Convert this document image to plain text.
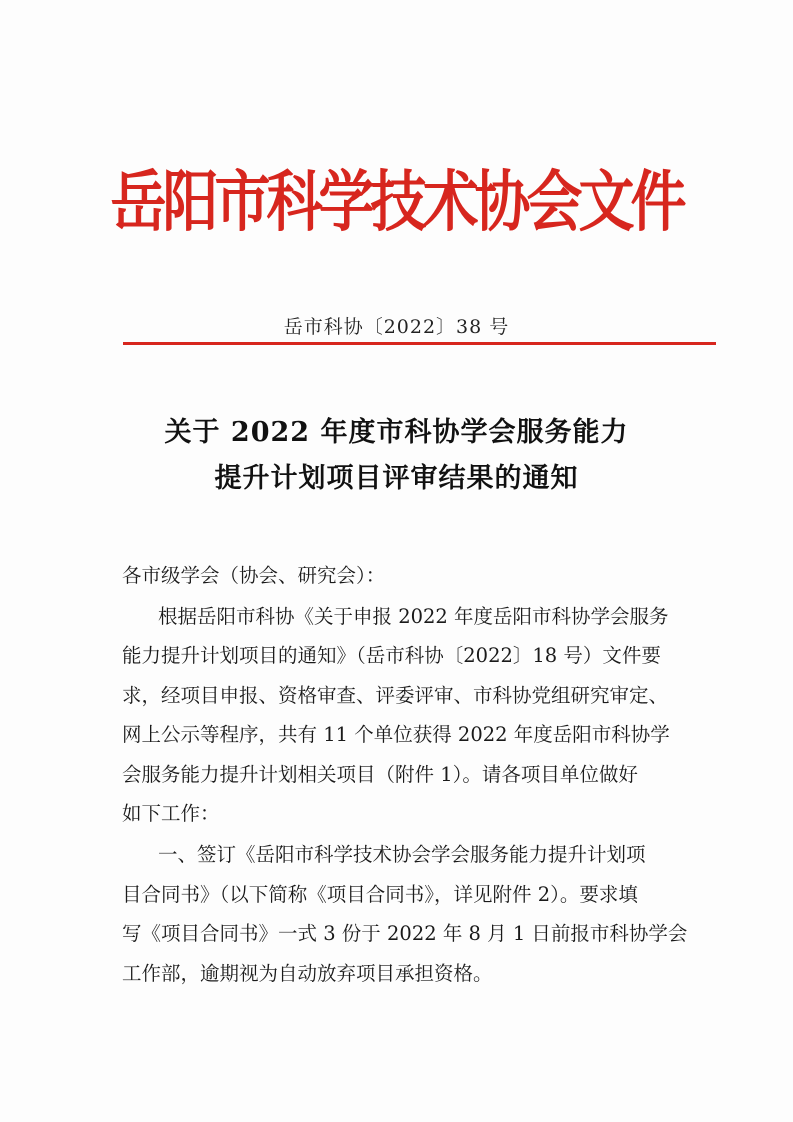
岳阳市科学技术协会文件
岳市科协〔2022〕38 号
关于 2022 年度市科协学会服务能力
提升计划项目评审结果的通知
各市级学会（协会、研究会）：
根据岳阳市科协《关于申报 2022 年度岳阳市科协学会服务
能力提升计划项目的通知》（岳市科协〔2022〕18 号）文件要
求，经项目申报、资格审查、评委评审、市科协党组研究审定、
网上公示等程序，共有 11 个单位获得 2022 年度岳阳市科协学
会服务能力提升计划相关项目（附件 1）。请各项目单位做好
如下工作：
一、签订《岳阳市科学技术协会学会服务能力提升计划项
目合同书》（以下简称《项目合同书》，详见附件 2）。要求填
写《项目合同书》一式 3 份于 2022 年 8 月 1 日前报市科协学会
工作部，逾期视为自动放弃项目承担资格。
